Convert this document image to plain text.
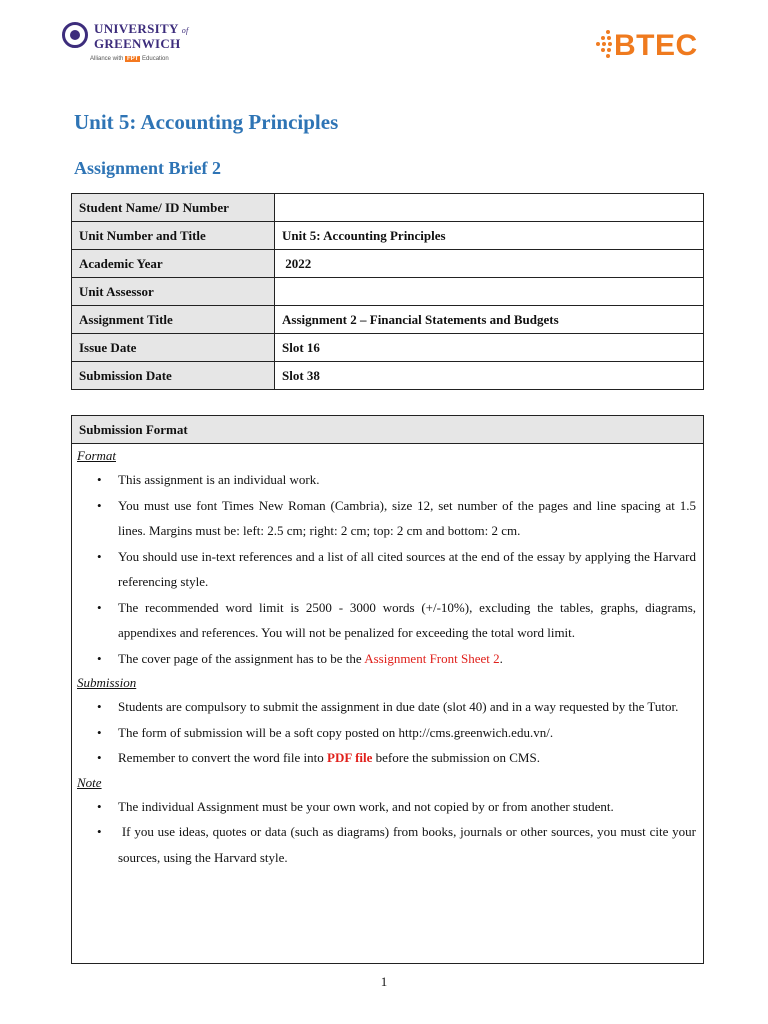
UNIVERSITY of
GREENWICH
Alliance with FPT Education	BTEC
Unit 5: Accounting Principles
Assignment Brief 2
Student Name/ ID Number	
Unit Number and Title	Unit 5: Accounting Principles
Academic Year	2022
Unit Assessor	
Assignment Title	Assignment 2 – Financial Statements and Budgets
Issue Date	Slot 16
Submission Date	Slot 38
Submission Format
Format
• This assignment is an individual work.
• You must use font Times New Roman (Cambria), size 12, set number of the pages and line spacing at 1.5 lines. Margins must be: left: 2.5 cm; right: 2 cm; top: 2 cm and bottom: 2 cm.
• You should use in-text references and a list of all cited sources at the end of the essay by applying the Harvard referencing style.
• The recommended word limit is 2500 - 3000 words (+/-10%), excluding the tables, graphs, diagrams, appendixes and references. You will not be penalized for exceeding the total word limit.
• The cover page of the assignment has to be the Assignment Front Sheet 2.
Submission
• Students are compulsory to submit the assignment in due date (slot 40) and in a way requested by the Tutor.
• The form of submission will be a soft copy posted on http://cms.greenwich.edu.vn/.
• Remember to convert the word file into PDF file before the submission on CMS.
Note
• The individual Assignment must be your own work, and not copied by or from another student.
•  If you use ideas, quotes or data (such as diagrams) from books, journals or other sources, you must cite your sources, using the Harvard style.
1
